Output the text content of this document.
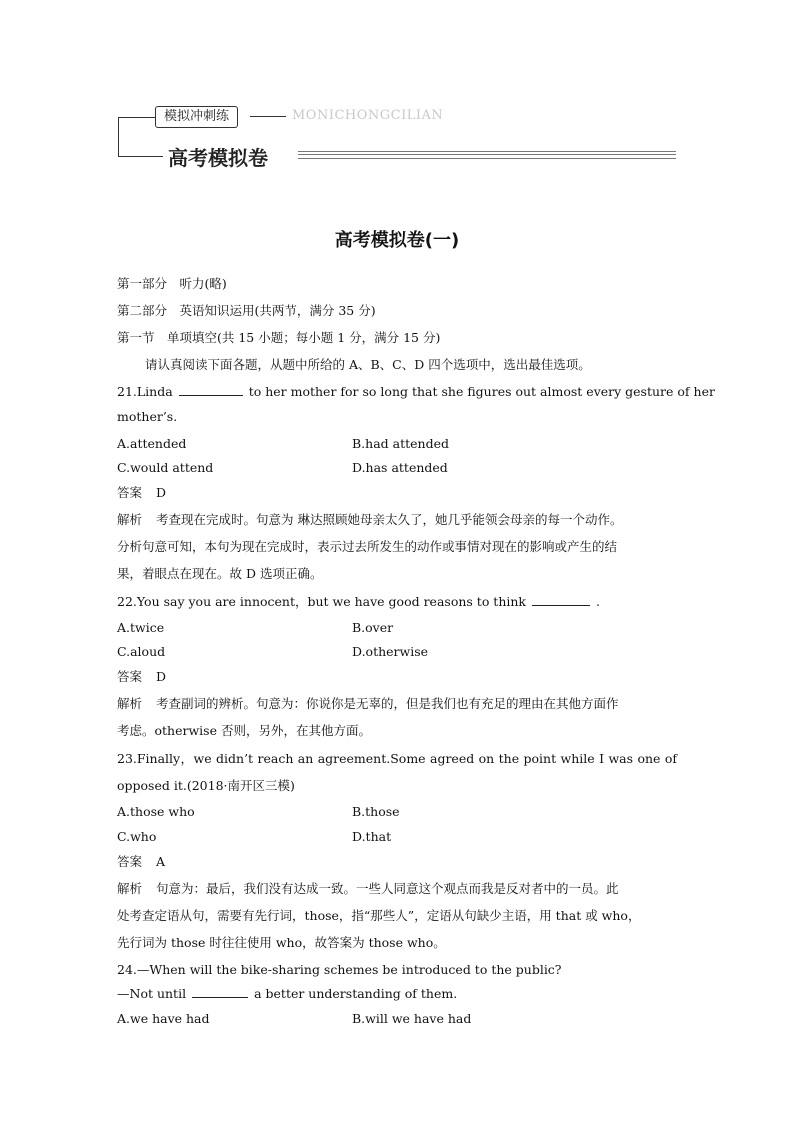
模拟冲刺练	MONICHONGCILIAN
高考模拟卷
高考模拟卷(一)
第一部分　听力(略)
第二部分　英语知识运用(共两节，满分 35 分)
第一节　单项填空(共 15 小题；每小题 1 分，满分 15 分)
请认真阅读下面各题，从题中所给的 A、B、C、D 四个选项中，选出最佳选项。
21.Linda	to her mother for so long that she figures out almost every gesture of her
mother’s.
A.attended	B.had attended
C.would attend	D.has attended
答案 D
解析 考查现在完成时。句意为 琳达照顾她母亲太久了，她几乎能领会母亲的每一个动作。
分析句意可知，本句为现在完成时，表示过去所发生的动作或事情对现在的影响或产生的结
果，着眼点在现在。故 D 选项正确。
22.You say you are innocent，but we have good reasons to think	.
A.twice	B.over
C.aloud	D.otherwise
答案 D
解析 考查副词的辨析。句意为：你说你是无辜的，但是我们也有充足的理由在其他方面作
考虑。otherwise 否则，另外，在其他方面。
23.Finally，we didn’t reach an agreement.Some agreed on the point while I was one of
opposed it.(2018·南开区三模)
A.those who	B.those
C.who	D.that
答案 A
解析 句意为：最后，我们没有达成一致。一些人同意这个观点而我是反对者中的一员。此
处考查定语从句，需要有先行词，those，指“那些人”，定语从句缺少主语，用 that 或 who，
先行词为 those 时往往使用 who，故答案为 those who。
24.—When will the bike-sharing schemes be introduced to the public?
—Not until	a better understanding of them.
A.we have had	B.will we have had
